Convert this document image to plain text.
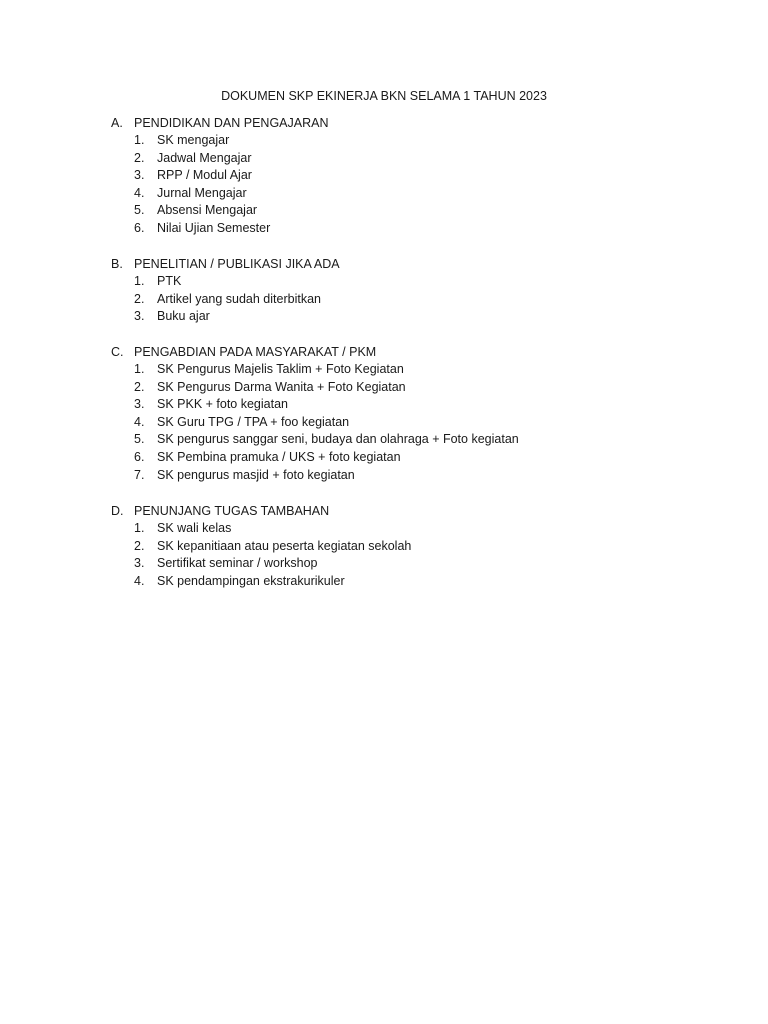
DOKUMEN SKP EKINERJA BKN SELAMA 1 TAHUN 2023
A. PENDIDIKAN DAN PENGAJARAN
1. SK mengajar
2. Jadwal Mengajar
3. RPP / Modul Ajar
4. Jurnal Mengajar
5. Absensi Mengajar
6. Nilai Ujian Semester
B. PENELITIAN / PUBLIKASI JIKA ADA
1. PTK
2. Artikel yang sudah diterbitkan
3. Buku ajar
C. PENGABDIAN PADA MASYARAKAT / PKM
1. SK Pengurus Majelis Taklim + Foto Kegiatan
2. SK Pengurus Darma Wanita + Foto Kegiatan
3. SK PKK + foto kegiatan
4. SK Guru TPG / TPA + foo kegiatan
5. SK pengurus sanggar seni, budaya dan olahraga + Foto kegiatan
6. SK Pembina pramuka / UKS + foto kegiatan
7. SK pengurus masjid + foto kegiatan
D. PENUNJANG TUGAS TAMBAHAN
1. SK wali kelas
2. SK kepanitiaan atau peserta kegiatan sekolah
3. Sertifikat seminar / workshop
4. SK pendampingan ekstrakurikuler
